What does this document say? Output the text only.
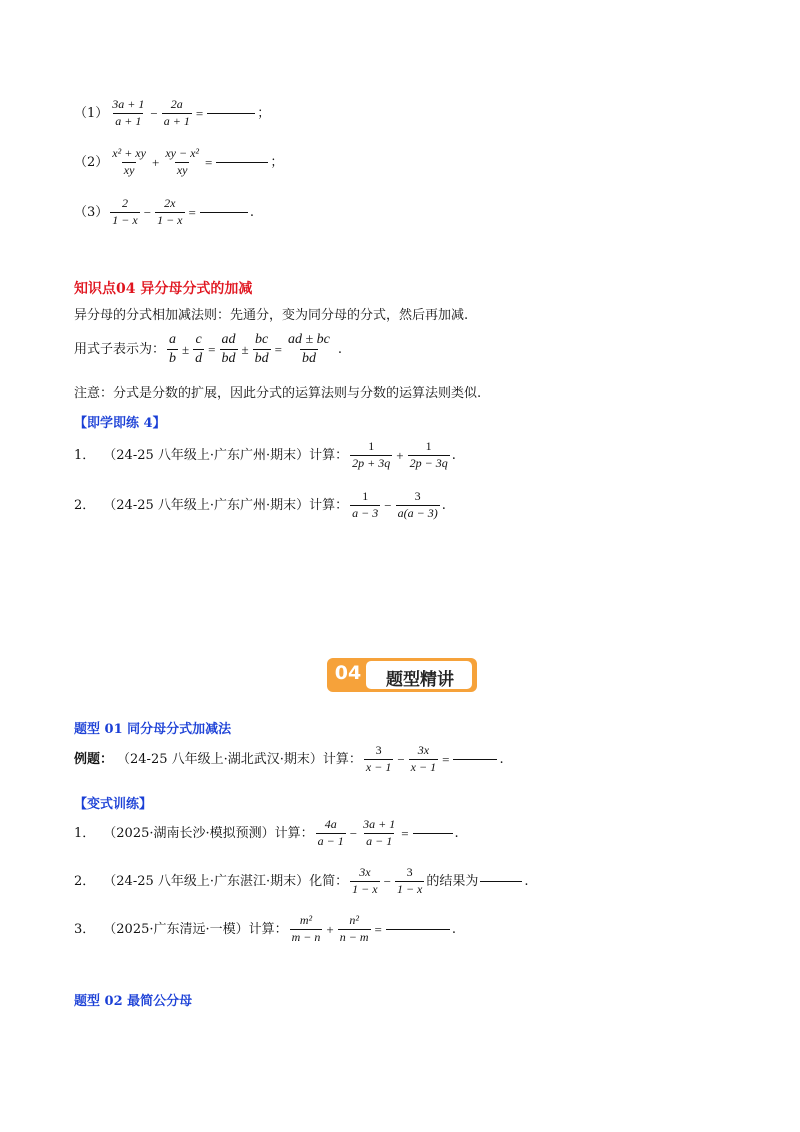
$(1) \frac{3a + 1}{a + 1} - \frac{2a}{a + 1}$ =	；
$(2) \frac{\text{x² + xy}}{xy} + \frac{\text{xy − x²}}{xy}$ =	；
$(3) \frac{2}{1 - x} - \frac{2x}{1 - x}$ =	.
知识点04 异分母分式的加减
异分母的分式相加减法则：先通分，变为同分母的分式，然后再加减.
用式子表示为： $\frac{a}{b} \pm \frac{c}{d} = \frac{ad}{bd} \pm \frac{bc}{bd} = \frac{ad \pm bc}{bd}$ .
注意：分式是分数的扩展，因此分式的运算法则与分数的运算法则类似.
【即学即练 4】
1． （24-25 八年级上·广东广州·期末）计算： $\frac{1}{2p + 3q} + \frac{1}{2p - 3q}$ .
2． （24-25 八年级上·广东广州·期末）计算： $\frac{1}{a - 3} - \frac{3}{a(a - 3)}$ .
04	题型精讲
题型 01 同分母分式加减法
例题： （24-25 八年级上·湖北武汉·期末）计算： $\frac{3}{x - 1} - \frac{3x}{x - 1}$ =	.
【变式训练】
1． （2025·湖南长沙·模拟预测）计算： $\frac{4a}{a - 1} - \frac{3a + 1}{a - 1}$ =	.
2． （24-25 八年级上·广东湛江·期末）化简： $\frac{3x}{1 - x} - \frac{3}{1 - x}$ 的结果为	.
3． （2025·广东清远·一模）计算： $\frac{\text{m²}}{m - n} + \frac{\text{n²}}{n - m}$ =	.
题型 02 最简公分母
